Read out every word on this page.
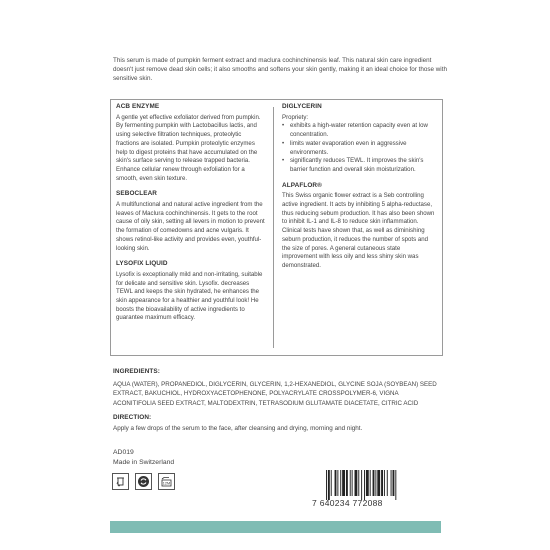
This serum is made of pumpkin ferment extract and maclura cochinchinensis leaf. This natural skin care ingredient doesn't just remove dead skin cells; it also smooths and softens your skin gently, making it an ideal choice for those with sensitive skin.

ACB ENZYME
A gentle yet effective exfoliator derived from pumpkin. By fermenting pumpkin with Lactobacillus lactis, and using selective filtration techniques, proteolytic fractions are isolated. Pumpkin proteolytic enzymes help to digest proteins that have accumulated on the skin's surface serving to release trapped bacteria. Enhance cellular renew through exfoliation for a smooth, even skin texture.
SEBOCLEAR
A multifunctional and natural active ingredient from the leaves of Maclura cochinchinensis. It gets to the root cause of oily skin, setting all levers in motion to prevent the formation of comedowns and acne vulgaris. It shows retinol-like activity and provides even, youthful-looking skin.
LYSOFIX LIQUID
Lysofix is exceptionally mild and non-irritating, suitable for delicate and sensitive skin. Lysofix. decreases TEWL and keeps the skin hydrated, he enhances the skin appearance for a healthier and youthful look! He boosts the bioavailability of active ingredients to guarantee maximum efficacy.
DIGLYCERIN
Propriety:
• exhibits a high-water retention capacity even at low concentration.
• limits water evaporation even in aggressive environments.
• significantly reduces TEWL. It improves the skin's barrier function and overall skin moisturization.
ALPAFLOR®
This Swiss organic flower extract is a Seb controlling active ingredient. It acts by inhibiting 5 alpha-reductase, thus reducing sebum production. It has also been shown to inhibit IL-1 and IL-8 to reduce skin inflammation. Clinical tests have shown that, as well as diminishing seburn production, it reduces the number of spots and the size of pores. A general cutaneous state improvement with less oily and less shiny skin was demonstrated.
INGREDIENTS:
AQUA (WATER), PROPANEDIOL, DIGLYCERIN, GLYCERIN, 1,2-HEXANEDIOL, GLYCINE SOJA (SOYBEAN) SEED EXTRACT, BAKUCHIOL, HYDROXYACETOPHENONE, POLYACRYLATE CROSSPOLYMER-6, VIGNA ACONITIFOLIA SEED EXTRACT, MALTODEXTRIN, TETRASODIUM GLUTAMATE DIACETATE, CITRIC ACID
DIRECTION:
Apply a few drops of the serum to the face, after cleansing and drying, morning and night.
AD019
Made in Switzerland
12M
7 640234 772088
